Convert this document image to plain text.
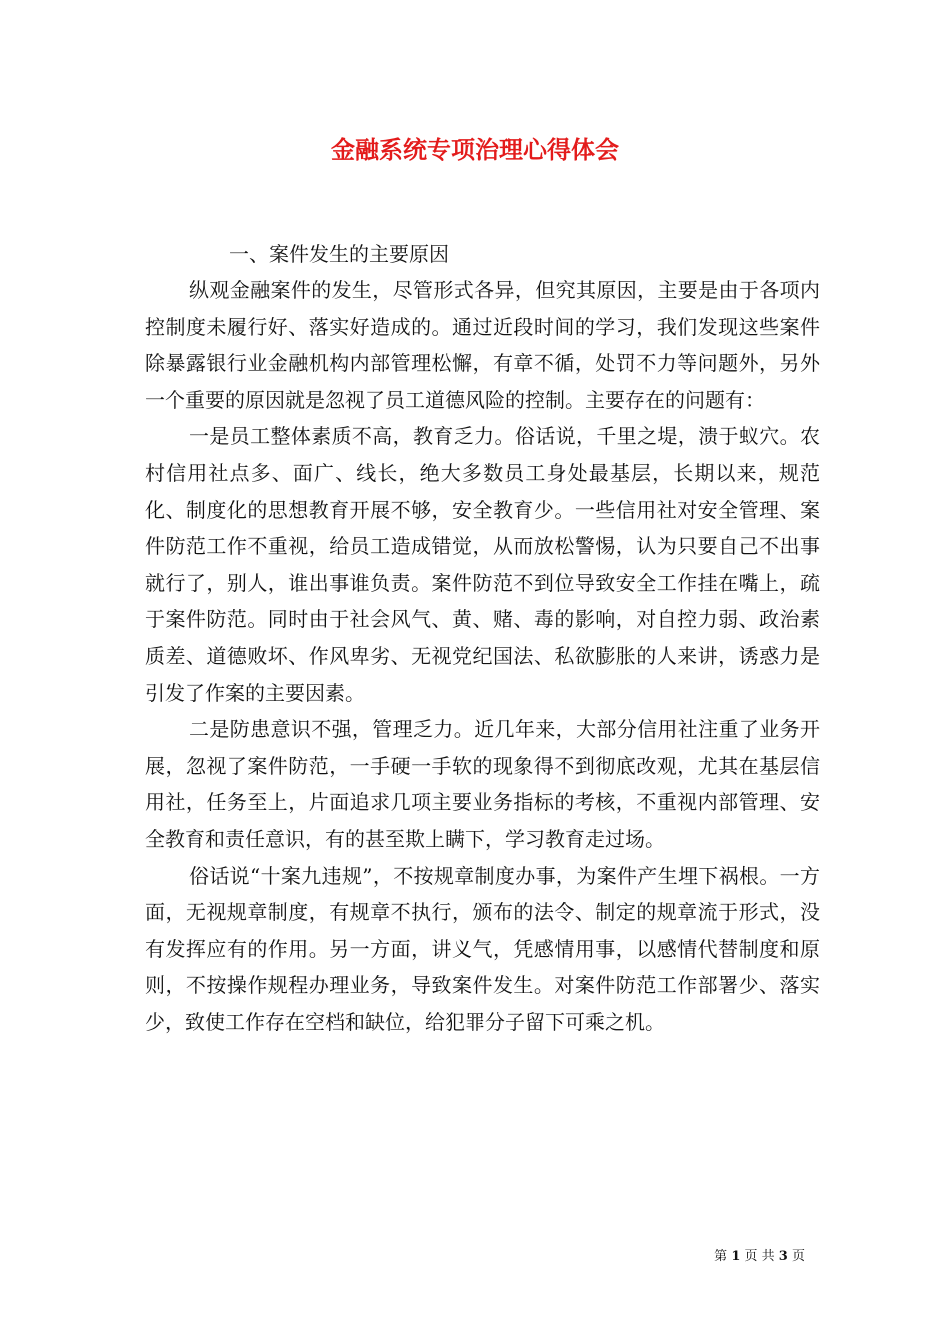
金融系统专项治理心得体会

一、案件发生的主要原因

纵观金融案件的发生，尽管形式各异，但究其原因，主要是由于各项内控制度未履行好、落实好造成的。通过近段时间的学习，我们发现这些案件除暴露银行业金融机构内部管理松懈，有章不循，处罚不力等问题外，另外一个重要的原因就是忽视了员工道德风险的控制。主要存在的问题有：

一是员工整体素质不高，教育乏力。俗话说，千里之堤，溃于蚁穴。农村信用社点多、面广、线长，绝大多数员工身处最基层，长期以来，规范化、制度化的思想教育开展不够，安全教育少。一些信用社对安全管理、案件防范工作不重视，给员工造成错觉，从而放松警惕，认为只要自己不出事就行了，别人，谁出事谁负责。案件防范不到位导致安全工作挂在嘴上，疏于案件防范。同时由于社会风气、黄、赌、毒的影响，对自控力弱、政治素质差、道德败坏、作风卑劣、无视党纪国法、私欲膨胀的人来讲，诱惑力是引发了作案的主要因素。

二是防患意识不强，管理乏力。近几年来，大部分信用社注重了业务开展，忽视了案件防范，一手硬一手软的现象得不到彻底改观，尤其在基层信用社，任务至上，片面追求几项主要业务指标的考核，不重视内部管理、安全教育和责任意识，有的甚至欺上瞒下，学习教育走过场。

俗话说“十案九违规”，不按规章制度办事，为案件产生埋下祸根。一方面，无视规章制度，有规章不执行，颁布的法令、制定的规章流于形式，没有发挥应有的作用。另一方面，讲义气，凭感情用事，以感情代替制度和原则，不按操作规程办理业务，导致案件发生。对案件防范工作部署少、落实少，致使工作存在空档和缺位，给犯罪分子留下可乘之机。

第 1 页 共 3 页
